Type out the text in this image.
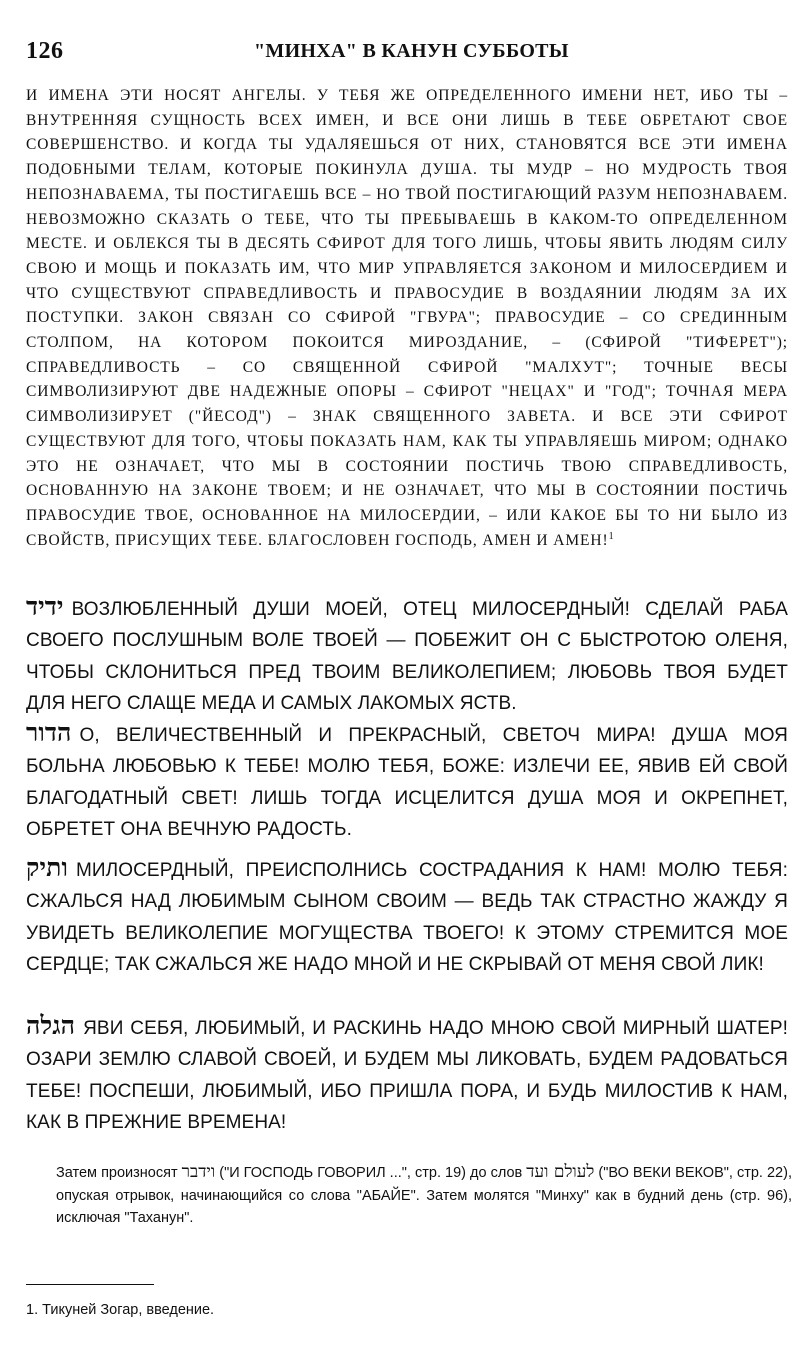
126	"МИНХА" В КАНУН СУББОТЫ

И ИМЕНА ЭТИ НОСЯТ АНГЕЛЫ. У ТЕБЯ ЖЕ ОПРЕДЕЛЕННОГО ИМЕНИ НЕТ, ИБО ТЫ – ВНУТРЕННЯЯ СУЩНОСТЬ ВСЕХ ИМЕН, И ВСЕ ОНИ ЛИШЬ В ТЕБЕ ОБРЕТАЮТ СВОЕ СОВЕРШЕНСТВО. И КОГДА ТЫ УДАЛЯЕШЬСЯ ОТ НИХ, СТАНОВЯТСЯ ВСЕ ЭТИ ИМЕНА ПОДОБНЫМИ ТЕЛАМ, КОТОРЫЕ ПОКИНУЛА ДУША. ТЫ МУДР – НО МУДРОСТЬ ТВОЯ НЕПОЗНАВАЕМА, ТЫ ПОСТИГАЕШЬ ВСЕ – НО ТВОЙ ПОСТИГАЮЩИЙ РАЗУМ НЕПОЗНАВАЕМ. НЕВОЗМОЖНО СКАЗАТЬ О ТЕБЕ, ЧТО ТЫ ПРЕБЫВАЕШЬ В КАКОМ-ТО ОПРЕДЕЛЕННОМ МЕСТЕ. И ОБЛЕКСЯ ТЫ В ДЕСЯТЬ СФИРОТ ДЛЯ ТОГО ЛИШЬ, ЧТОБЫ ЯВИТЬ ЛЮДЯМ СИЛУ СВОЮ И МОЩЬ И ПОКАЗАТЬ ИМ, ЧТО МИР УПРАВЛЯЕТСЯ ЗАКОНОМ И МИЛОСЕРДИЕМ И ЧТО СУЩЕСТВУЮТ СПРАВЕДЛИВОСТЬ И ПРАВОСУДИЕ В ВОЗДАЯНИИ ЛЮДЯМ ЗА ИХ ПОСТУПКИ. ЗАКОН СВЯЗАН СО СФИРОЙ "ГВУРА"; ПРАВОСУДИЕ – СО СРЕДИННЫМ СТОЛПОМ, НА КОТОРОМ ПОКОИТСЯ МИРОЗДАНИЕ, – (СФИРОЙ "ТИФЕРЕТ"); СПРАВЕДЛИВОСТЬ – СО СВЯЩЕННОЙ СФИРОЙ "МАЛХУТ"; ТОЧНЫЕ ВЕСЫ СИМВОЛИЗИРУЮТ ДВЕ НАДЕЖНЫЕ ОПОРЫ – СФИРОТ "НЕЦАХ" И "ГОД"; ТОЧНАЯ МЕРА СИМВОЛИЗИРУЕТ ("ЙЕСОД") – ЗНАК СВЯЩЕННОГО ЗАВЕТА. И ВСЕ ЭТИ СФИРОТ СУЩЕСТВУЮТ ДЛЯ ТОГО, ЧТОБЫ ПОКАЗАТЬ НАМ, КАК ТЫ УПРАВЛЯЕШЬ МИРОМ; ОДНАКО ЭТО НЕ ОЗНАЧАЕТ, ЧТО МЫ В СОСТОЯНИИ ПОСТИЧЬ ТВОЮ СПРАВЕДЛИВОСТЬ, ОСНОВАННУЮ НА ЗАКОНЕ ТВОЕМ; И НЕ ОЗНАЧАЕТ, ЧТО МЫ В СОСТОЯНИИ ПОСТИЧЬ ПРАВОСУДИЕ ТВОЕ, ОСНОВАННОЕ НА МИЛОСЕРДИИ, – ИЛИ КАКОЕ БЫ ТО НИ БЫЛО ИЗ СВОЙСТВ, ПРИСУЩИХ ТЕБЕ. БЛАГОСЛОВЕН ГОСПОДЬ, АМЕН И АМЕН!$^1$

ידיד ВОЗЛЮБЛЕННЫЙ ДУШИ МОЕЙ, ОТЕЦ МИЛОСЕРДНЫЙ! СДЕЛАЙ РАБА СВОЕГО ПОСЛУШНЫМ ВОЛЕ ТВОЕЙ — ПОБЕЖИТ ОН С БЫСТРОТОЮ ОЛЕНЯ, ЧТОБЫ СКЛОНИТЬСЯ ПРЕД ТВОИМ ВЕЛИКОЛЕПИЕМ; ЛЮБОВЬ ТВОЯ БУДЕТ ДЛЯ НЕГО СЛАЩЕ МЕДА И САМЫХ ЛАКОМЫХ ЯСТВ.

הדור О, ВЕЛИЧЕСТВЕННЫЙ И ПРЕКРАСНЫЙ, СВЕТОЧ МИРА! ДУША МОЯ БОЛЬНА ЛЮБОВЬЮ К ТЕБЕ! МОЛЮ ТЕБЯ, БОЖЕ: ИЗЛЕЧИ ЕЕ, ЯВИВ ЕЙ СВОЙ БЛАГОДАТНЫЙ СВЕТ! ЛИШЬ ТОГДА ИСЦЕЛИТСЯ ДУША МОЯ И ОКРЕПНЕТ, ОБРЕТЕТ ОНА ВЕЧНУЮ РАДОСТЬ.

ותיק МИЛОСЕРДНЫЙ, ПРЕИСПОЛНИСЬ СОСТРАДАНИЯ К НАМ! МОЛЮ ТЕБЯ: СЖАЛЬСЯ НАД ЛЮБИМЫМ СЫНОМ СВОИМ — ВЕДЬ ТАК СТРАСТНО ЖАЖДУ Я УВИДЕТЬ ВЕЛИКОЛЕПИЕ МОГУЩЕСТВА ТВОЕГО! К ЭТОМУ СТРЕМИТСЯ МОЕ СЕРДЦЕ; ТАК СЖАЛЬСЯ ЖЕ НАДО МНОЙ И НЕ СКРЫВАЙ ОТ МЕНЯ СВОЙ ЛИК!

הגלה ЯВИ СЕБЯ, ЛЮБИМЫЙ, И РАСКИНЬ НАДО МНОЮ СВОЙ МИРНЫЙ ШАТЕР! ОЗАРИ ЗЕМЛЮ СЛАВОЙ СВОЕЙ, И БУДЕМ МЫ ЛИКОВАТЬ, БУДЕМ РАДОВАТЬСЯ ТЕБЕ! ПОСПЕШИ, ЛЮБИМЫЙ, ИБО ПРИШЛА ПОРА, И БУДЬ МИЛОСТИВ К НАМ, КАК В ПРЕЖНИЕ ВРЕМЕНА!

Затем произносят וידבר ("И ГОСПОДЬ ГОВОРИЛ ...", стр. 19) до слов לעולם ועד ("ВО ВЕКИ ВЕКОВ", стр. 22), опуская отрывок, начинающийся со слова "АБАЙЕ". Затем молятся "Минху" как в будний день (стр. 96), исключая "Таханун".

1. Тикуней Зогар, введение.
